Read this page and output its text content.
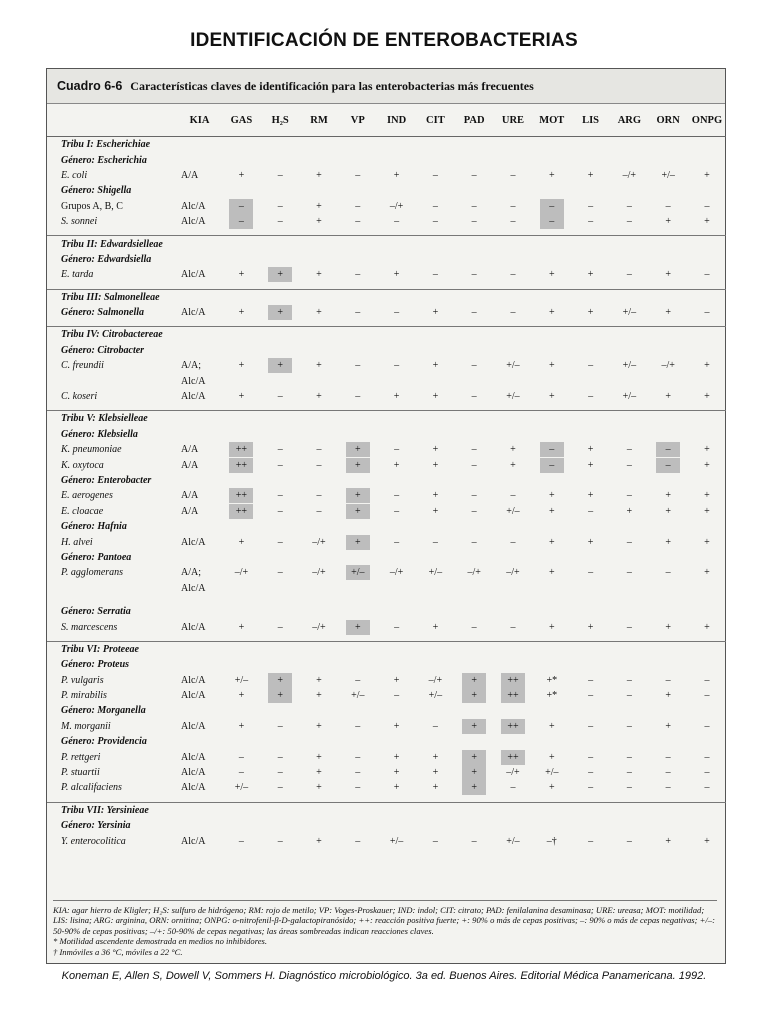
IDENTIFICACIÓN DE ENTEROBACTERIAS
Cuadro 6-6 Características claves de identificación para las enterobacterias más frecuentes
	KIA	GAS	H₂S	RM	VP	IND	CIT	PAD	URE	MOT	LIS	ARG	ORN	ONPG
Tribu I: Escherichiae														
Género: Escherichia														
E. coli	A/A	+	–	+	–	+	–	–	–	+	+	–/+	+/–	+
Género: Shigella														
Grupos A, B, C	Alc/A	–	–	+	–	–/+	–	–	–	–	–	–	–	–
S. sonnei	Alc/A	–	–	+	–	–	–	–	–	–	–	–	+	+

Tribu II: Edwardsielleae														
Género: Edwardsiella														
E. tarda	Alc/A	+	+	+	–	+	–	–	–	+	+	–	+	–

Tribu III: Salmonelleae														
Género: Salmonella	Alc/A	+	+	+	–	–	+	–	–	+	+	+/–	+	–

Tribu IV: Citrobactereae														
Género: Citrobacter														
C. freundii	A/A;	+	+	+	–	–	+	–	+/–	+	–	+/–	–/+	+
	Alc/A													
C. koseri	Alc/A	+	–	+	–	+	+	–	+/–	+	–	+/–	+	+

Tribu V: Klebsielleae														
Género: Klebsiella														
K. pneumoniae	A/A	++	–	–	+	–	+	–	+	–	+	–	–	+
K. oxytoca	A/A	++	–	–	+	+	+	–	+	–	+	–	–	+
Género: Enterobacter														
E. aerogenes	A/A	++	–	–	+	–	+	–	–	+	+	–	+	+
E. cloacae	A/A	++	–	–	+	–	+	–	+/–	+	–	+	+	+
Género: Hafnia														
H. alvei	Alc/A	+	–	–/+	+	–	–	–	–	+	+	–	+	+
Género: Pantoea														
P. agglomerans	A/A;	–/+	–	–/+	+/–	–/+	+/–	–/+	–/+	+	–	–	–	+
	Alc/A													

Género: Serratia														
S. marcescens	Alc/A	+	–	–/+	+	–	+	–	–	+	+	–	+	+

Tribu VI: Proteeae														
Género: Proteus														
P. vulgaris	Alc/A	+/–	+	+	–	+	–/+	+	++	+*	–	–	–	–
P. mirabilis	Alc/A	+	+	+	+/–	–	+/–	+	++	+*	–	–	+	–
Género: Morganella														
M. morganii	Alc/A	+	–	+	–	+	–	+	++	+	–	–	+	–
Género: Providencia														
P. rettgeri	Alc/A	–	–	+	–	+	+	+	++	+	–	–	–	–
P. stuartii	Alc/A	–	–	+	–	+	+	+	–/+	+/–	–	–	–	–
P. alcalifaciens	Alc/A	+/–	–	+	–	+	+	+	–	+	–	–	–	–

Tribu VII: Yersinieae														
Género: Yersinia														
Y. enterocolitica	Alc/A	–	–	+	–	+/–	–	–	+/–	–†	–	–	+	+
KIA: agar hierro de Kligler; H₂S: sulfuro de hidrógeno; RM: rojo de metilo; VP: Voges-Proskauer; IND: indol; CIT: citrato; PAD: fenilalanina desaminasa; URE: ureasa; MOT: motilidad; LIS: lisina; ARG: arginina, ORN: ornitina; ONPG: o-nitrofenil-β-D-galactopiranósido; ++: reacción positiva fuerte; +: 90% o más de cepas positivas; –: 90% o más de cepas negativas; +/–: 50-90% de cepas positivas; –/+: 50-90% de cepas negativas; las áreas sombreadas indican reacciones claves.
* Motilidad ascendente demostrada en medios no inhibidores.
† Inmóviles a 36 °C, móviles a 22 °C.
Koneman E, Allen S, Dowell V, Sommers H. Diagnóstico microbiológico. 3a ed. Buenos Aires. Editorial Médica Panamericana. 1992.
